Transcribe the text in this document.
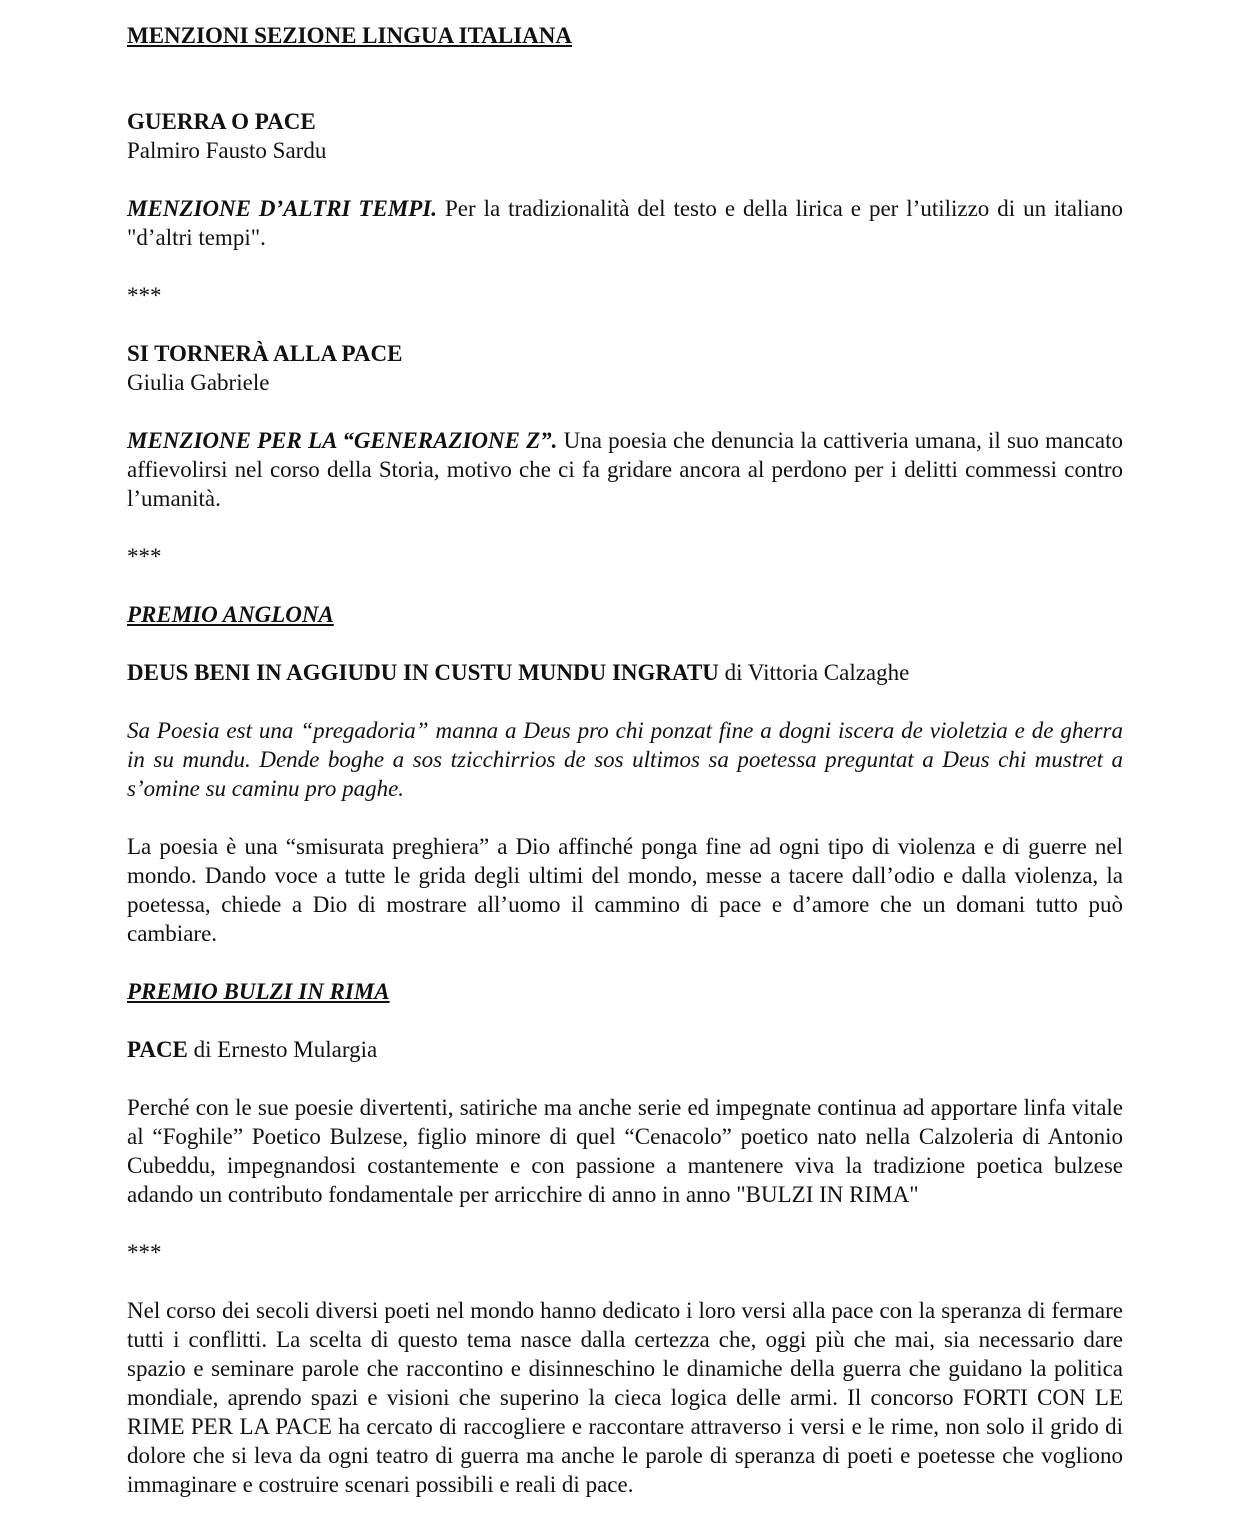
MENZIONI SEZIONE LINGUA ITALIANA

GUERRA O PACE

Palmiro Fausto Sardu

MENZIONE D’ALTRI TEMPI. Per la tradizionalità del testo e della lirica e per l’utilizzo di un italiano "d’altri tempi".

***

SI TORNERÀ ALLA PACE

Giulia Gabriele

MENZIONE PER LA “GENERAZIONE Z”. Una poesia che denuncia la cattiveria umana, il suo mancato affievolirsi nel corso della Storia, motivo che ci fa gridare ancora al perdono per i delitti commessi contro l’umanità.

***

PREMIO ANGLONA

DEUS BENI IN AGGIUDU IN CUSTU MUNDU INGRATU di Vittoria Calzaghe

Sa Poesia est una “pregadoria” manna a Deus pro chi ponzat fine a dogni iscera de violetzia e de gherra in su mundu. Dende boghe a sos tzicchirrios de sos ultimos sa poetessa preguntat a Deus chi mustret a s’omine su caminu pro paghe.

La poesia è una “smisurata preghiera” a Dio affinché ponga fine ad ogni tipo di violenza e di guerre nel mondo. Dando voce a tutte le grida degli ultimi del mondo, messe a tacere dall’odio e dalla violenza, la poetessa, chiede a Dio di mostrare all’uomo il cammino di pace e d’amore che un domani tutto può cambiare.

PREMIO BULZI IN RIMA

PACE di Ernesto Mulargia

Perché con le sue poesie divertenti, satiriche ma anche serie ed impegnate continua ad apportare linfa vitale al “Foghile” Poetico Bulzese, figlio minore di quel “Cenacolo” poetico nato nella Calzoleria di Antonio Cubeddu, impegnandosi costantemente e con passione a mantenere viva la tradizione poetica bulzese adando un contributo fondamentale per arricchire di anno in anno "BULZI IN RIMA"

***

Nel corso dei secoli diversi poeti nel mondo hanno dedicato i loro versi alla pace con la speranza di fermare tutti i conflitti. La scelta di questo tema nasce dalla certezza che, oggi più che mai, sia necessario dare spazio e seminare parole che raccontino e disinneschino le dinamiche della guerra che guidano la politica mondiale, aprendo spazi e visioni che superino la cieca logica delle armi. Il concorso FORTI CON LE RIME PER LA PACE ha cercato di raccogliere e raccontare attraverso i versi e le rime, non solo il grido di dolore che si leva da ogni teatro di guerra ma anche le parole di speranza di poeti e poetesse che vogliono immaginare e costruire scenari possibili e reali di pace.
